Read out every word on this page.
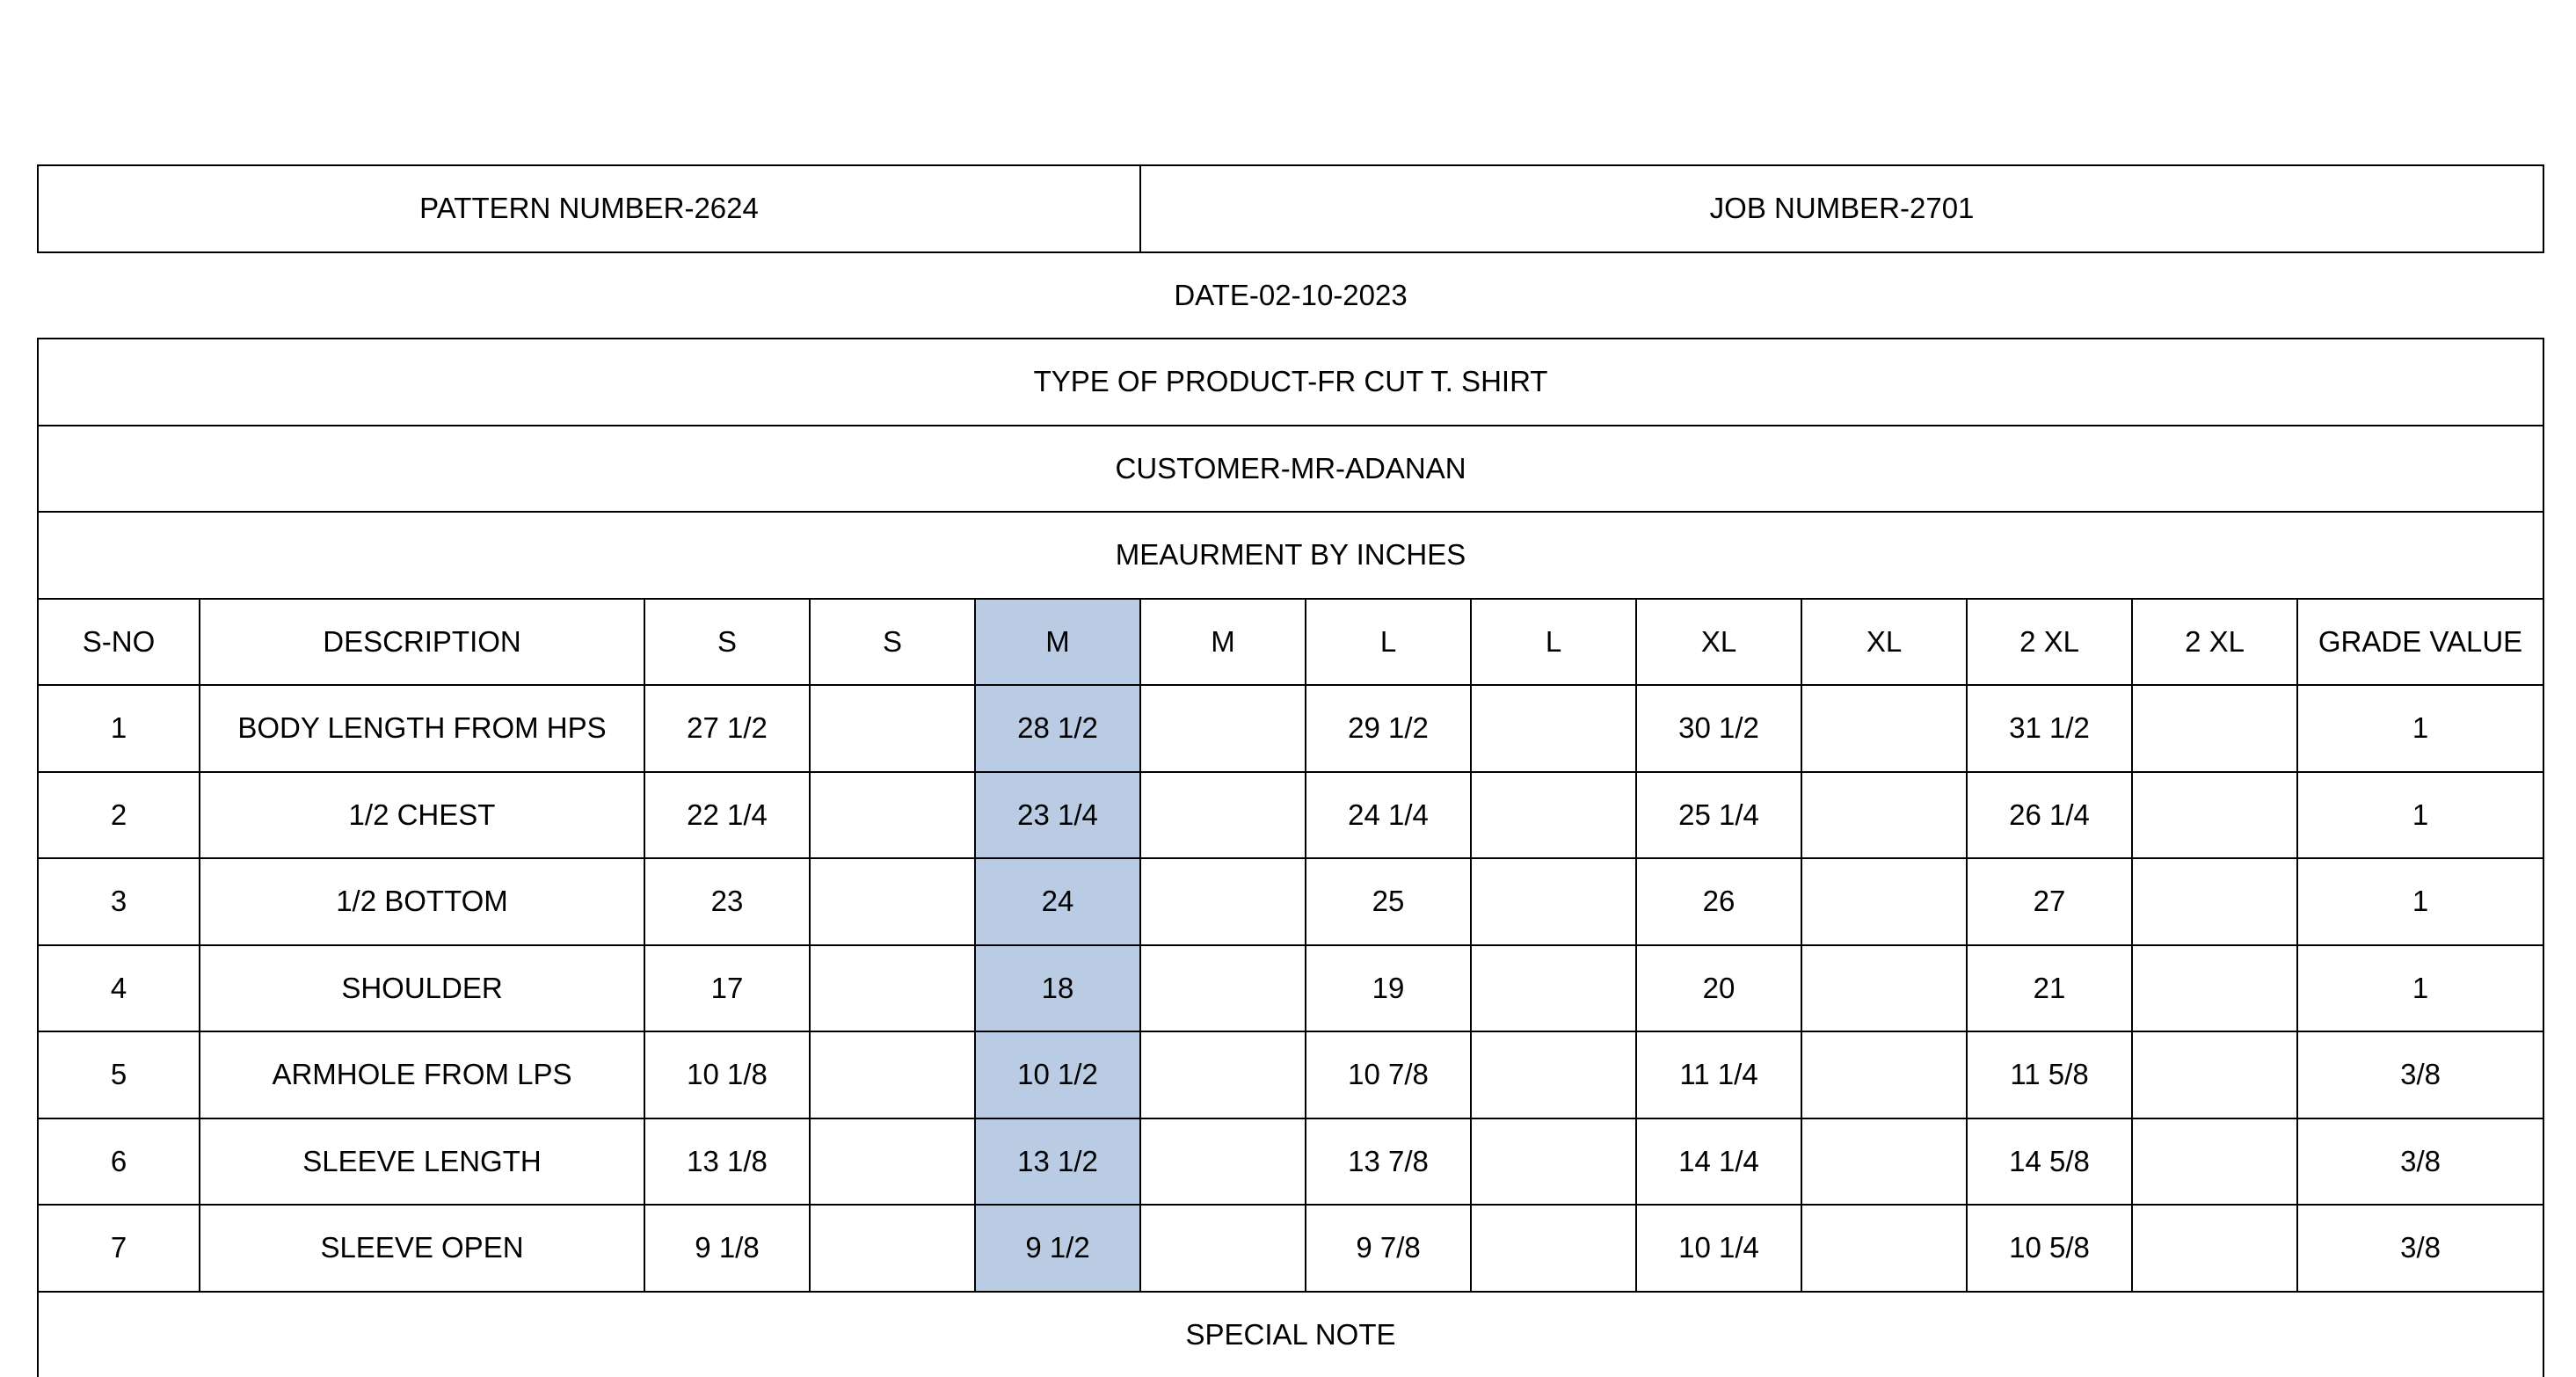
PATTERN NUMBER-2624					JOB NUMBER-2701							
DATE-02-10-2023												
TYPE OF PRODUCT-FR CUT T. SHIRT												
CUSTOMER-MR-ADANAN												
MEAURMENT BY INCHES												
S-NO	DESCRIPTION	S	S	M	M	L	L	XL	XL	2 XL	2 XL	GRADE VALUE
1	BODY LENGTH FROM HPS	27 1/2		28 1/2		29 1/2		30 1/2		31 1/2		1
2	1/2 CHEST	22 1/4		23 1/4		24 1/4		25 1/4		26 1/4		1
3	1/2 BOTTOM	23		24		25		26		27		1
4	SHOULDER	17		18		19		20		21		1
5	ARMHOLE FROM LPS	10 1/8		10 1/2		10 7/8		11 1/4		11 5/8		3/8
6	SLEEVE LENGTH	13 1/8		13 1/2		13 7/8		14 1/4		14 5/8		3/8
7	SLEEVE OPEN	9 1/8		9 1/2		9 7/8		10 1/4		10 5/8		3/8
SPECIAL NOTE												
